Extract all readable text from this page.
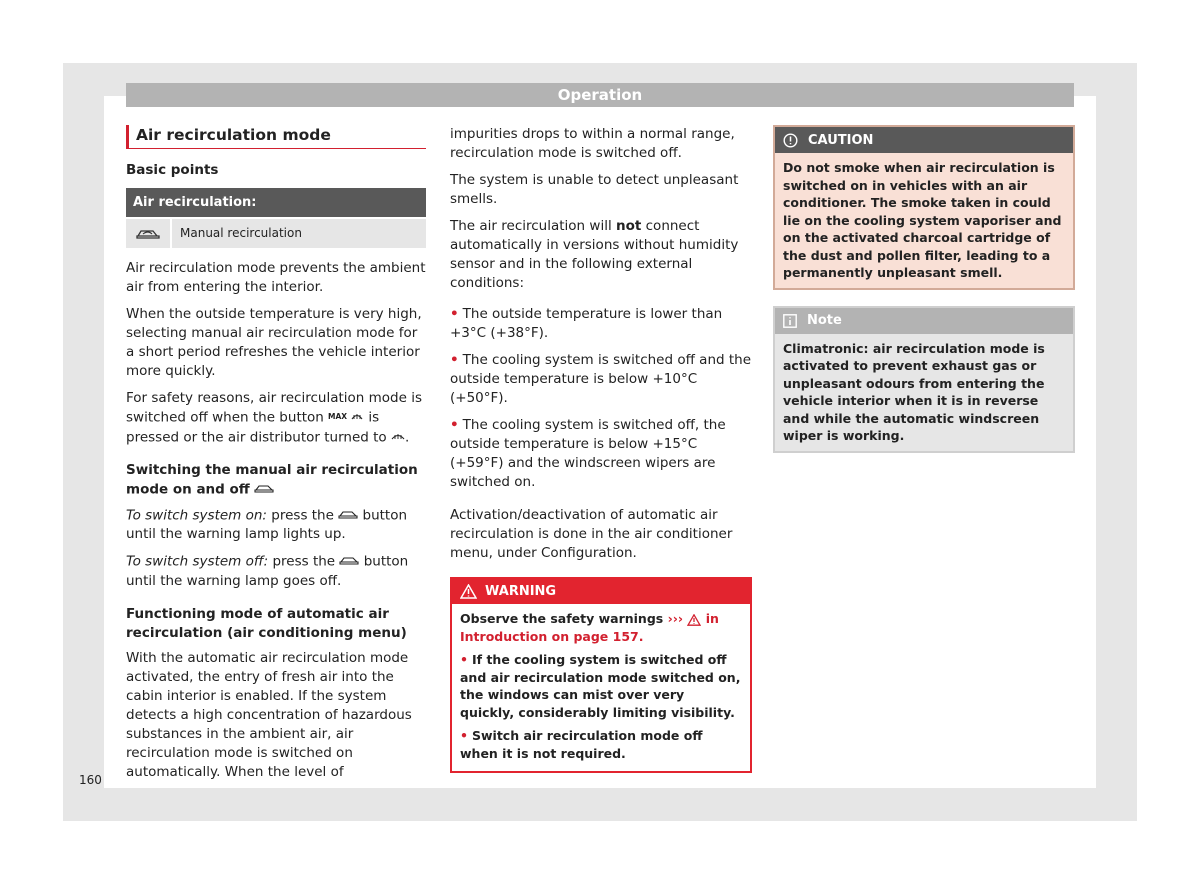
Operation
Air recirculation mode
Basic points
Air recirculation:
Manual recirculation

Air recirculation mode prevents the ambient air from entering the interior.

When the outside temperature is very high, selecting manual air recirculation mode for a short period refreshes the vehicle interior more quickly.

For safety reasons, air recirculation mode is switched off when the button MAX is pressed or the air distributor turned to .

Switching the manual air recirculation mode on and off

To switch system on: press the  button until the warning lamp lights up.

To switch system off: press the  button until the warning lamp goes off.

Functioning mode of automatic air recirculation (air conditioning menu)

With the automatic air recirculation mode activated, the entry of fresh air into the cabin interior is enabled. If the system detects a high concentration of hazardous substances in the ambient air, air recirculation mode is switched on automatically. When the level of

impurities drops to within a normal range, recirculation mode is switched off.

The system is unable to detect unpleasant smells.

The air recirculation will not connect automatically in versions without humidity sensor and in the following external conditions:

• The outside temperature is lower than +3°C (+38°F).

• The cooling system is switched off and the outside temperature is below +10°C (+50°F).

• The cooling system is switched off, the outside temperature is below +15°C (+59°F) and the windscreen wipers are switched on.

Activation/deactivation of automatic air recirculation is done in the air conditioner menu, under Configuration.

WARNING

Observe the safety warnings ›››
in Introduction on page 157.

• If the cooling system is switched off and air recirculation mode switched on, the windows can mist over very quickly, considerably limiting visibility.

• Switch air recirculation mode off when it is not required.

CAUTION
Do not smoke when air recirculation is switched on in vehicles with an air conditioner. The smoke taken in could lie on the cooling system vaporiser and on the activated charcoal cartridge of the dust and pollen filter, leading to a permanently unpleasant smell.
Note
Climatronic: air recirculation mode is activated to prevent exhaust gas or unpleasant odours from entering the vehicle interior when it is in reverse and while the automatic windscreen wiper is working.
160
